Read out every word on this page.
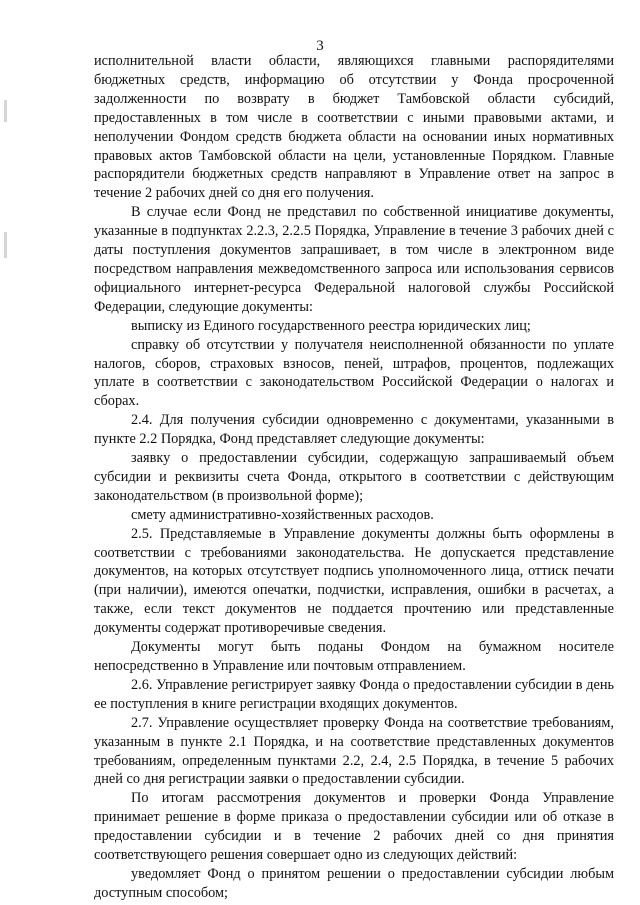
3

исполнительной власти области, являющихся главными распорядителями бюджетных средств, информацию об отсутствии у Фонда просроченной задолженности по возврату в бюджет Тамбовской области субсидий, предоставленных в том числе в соответствии с иными правовыми актами, и неполучении Фондом средств бюджета области на основании иных нормативных правовых актов Тамбовской области на цели, установленные Порядком. Главные распорядители бюджетных средств направляют в Управление ответ на запрос в течение 2 рабочих дней со дня его получения.

В случае если Фонд не представил по собственной инициативе документы, указанные в подпунктах 2.2.3, 2.2.5 Порядка, Управление в течение 3 рабочих дней с даты поступления документов запрашивает, в том числе в электронном виде посредством направления межведомственного запроса или использования сервисов официального интернет-ресурса Федеральной налоговой службы Российской Федерации, следующие документы:

выписку из Единого государственного реестра юридических лиц;

справку об отсутствии у получателя неисполненной обязанности по уплате налогов, сборов, страховых взносов, пеней, штрафов, процентов, подлежащих уплате в соответствии с законодательством Российской Федерации о налогах и сборах.

2.4. Для получения субсидии одновременно с документами, указанными в пункте 2.2 Порядка, Фонд представляет следующие документы:

заявку о предоставлении субсидии, содержащую запрашиваемый объем субсидии и реквизиты счета Фонда, открытого в соответствии с действующим законодательством (в произвольной форме);

смету административно-хозяйственных расходов.

2.5. Представляемые в Управление документы должны быть оформлены в соответствии с требованиями законодательства. Не допускается представление документов, на которых отсутствует подпись уполномоченного лица, оттиск печати (при наличии), имеются опечатки, подчистки, исправления, ошибки в расчетах, а также, если текст документов не поддается прочтению или представленные документы содержат противоречивые сведения.

Документы могут быть поданы Фондом на бумажном носителе непосредственно в Управление или почтовым отправлением.

2.6. Управление регистрирует заявку Фонда о предоставлении субсидии в день ее поступления в книге регистрации входящих документов.

2.7. Управление осуществляет проверку Фонда на соответствие требованиям, указанным в пункте 2.1 Порядка, и на соответствие представленных документов требованиям, определенным пунктами 2.2, 2.4, 2.5 Порядка, в течение 5 рабочих дней со дня регистрации заявки о предоставлении субсидии.

По итогам рассмотрения документов и проверки Фонда Управление принимает решение в форме приказа о предоставлении субсидии или об отказе в предоставлении субсидии и в течение 2 рабочих дней со дня принятия соответствующего решения совершает одно из следующих действий:

уведомляет Фонд о принятом решении о предоставлении субсидии любым доступным способом;
